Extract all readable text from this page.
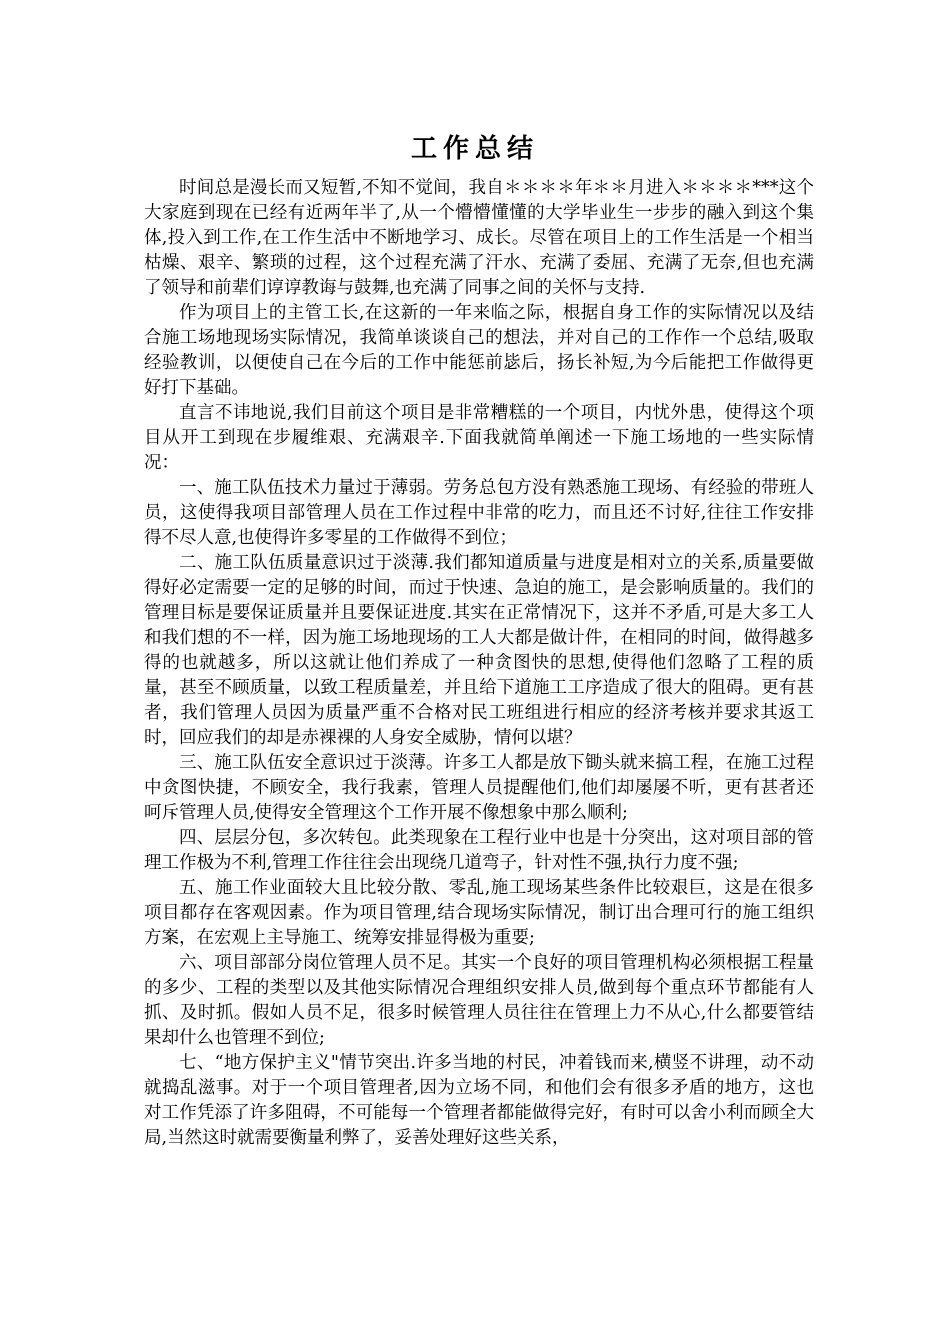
工作总结

时间总是漫长而又短暂,不知不觉间，我自＊＊＊＊年＊＊月进入＊＊＊＊***这个大家庭到现在已经有近两年半了,从一个懵懵懂懂的大学毕业生一步步的融入到这个集体,投入到工作,在工作生活中不断地学习、成长。尽管在项目上的工作生活是一个相当枯燥、艰辛、繁琐的过程，这个过程充满了汗水、充满了委屈、充满了无奈,但也充满了领导和前辈们谆谆教诲与鼓舞,也充满了同事之间的关怀与支持.

作为项目上的主管工长,在这新的一年来临之际，根据自身工作的实际情况以及结合施工场地现场实际情况，我简单谈谈自己的想法，并对自己的工作作一个总结,吸取经验教训，以便使自己在今后的工作中能惩前毖后，扬长补短,为今后能把工作做得更好打下基础。

直言不讳地说,我们目前这个项目是非常糟糕的一个项目，内忧外患，使得这个项目从开工到现在步履维艰、充满艰辛.下面我就简单阐述一下施工场地的一些实际情况：

一、施工队伍技术力量过于薄弱。劳务总包方没有熟悉施工现场、有经验的带班人员，这使得我项目部管理人员在工作过程中非常的吃力，而且还不讨好,往往工作安排得不尽人意,也使得许多零星的工作做得不到位；

二、施工队伍质量意识过于淡薄.我们都知道质量与进度是相对立的关系,质量要做得好必定需要一定的足够的时间，而过于快速、急迫的施工，是会影响质量的。我们的管理目标是要保证质量并且要保证进度.其实在正常情况下，这并不矛盾,可是大多工人和我们想的不一样，因为施工场地现场的工人大都是做计件，在相同的时间，做得越多得的也就越多，所以这就让他们养成了一种贪图快的思想,使得他们忽略了工程的质量，甚至不顾质量，以致工程质量差，并且给下道施工工序造成了很大的阻碍。更有甚者，我们管理人员因为质量严重不合格对民工班组进行相应的经济考核并要求其返工时，回应我们的却是赤裸裸的人身安全威胁，情何以堪？

三、施工队伍安全意识过于淡薄。许多工人都是放下锄头就来搞工程，在施工过程中贪图快捷，不顾安全，我行我素，管理人员提醒他们,他们却屡屡不听，更有甚者还呵斥管理人员,使得安全管理这个工作开展不像想象中那么顺利;

四、层层分包，多次转包。此类现象在工程行业中也是十分突出，这对项目部的管理工作极为不利,管理工作往往会出现绕几道弯子，针对性不强,执行力度不强;

五、施工作业面较大且比较分散、零乱,施工现场某些条件比较艰巨，这是在很多项目都存在客观因素。作为项目管理,结合现场实际情况，制订出合理可行的施工组织方案，在宏观上主导施工、统筹安排显得极为重要;

六、项目部部分岗位管理人员不足。其实一个良好的项目管理机构必须根据工程量的多少、工程的类型以及其他实际情况合理组织安排人员,做到每个重点环节都能有人抓、及时抓。假如人员不足，很多时候管理人员往往在管理上力不从心,什么都要管结果却什么也管理不到位;

七、“地方保护主义"情节突出.许多当地的村民，冲着钱而来,横竖不讲理，动不动就捣乱滋事。对于一个项目管理者,因为立场不同，和他们会有很多矛盾的地方，这也对工作凭添了许多阻碍，不可能每一个管理者都能做得完好，有时可以舍小利而顾全大局,当然这时就需要衡量利弊了，妥善处理好这些关系，
